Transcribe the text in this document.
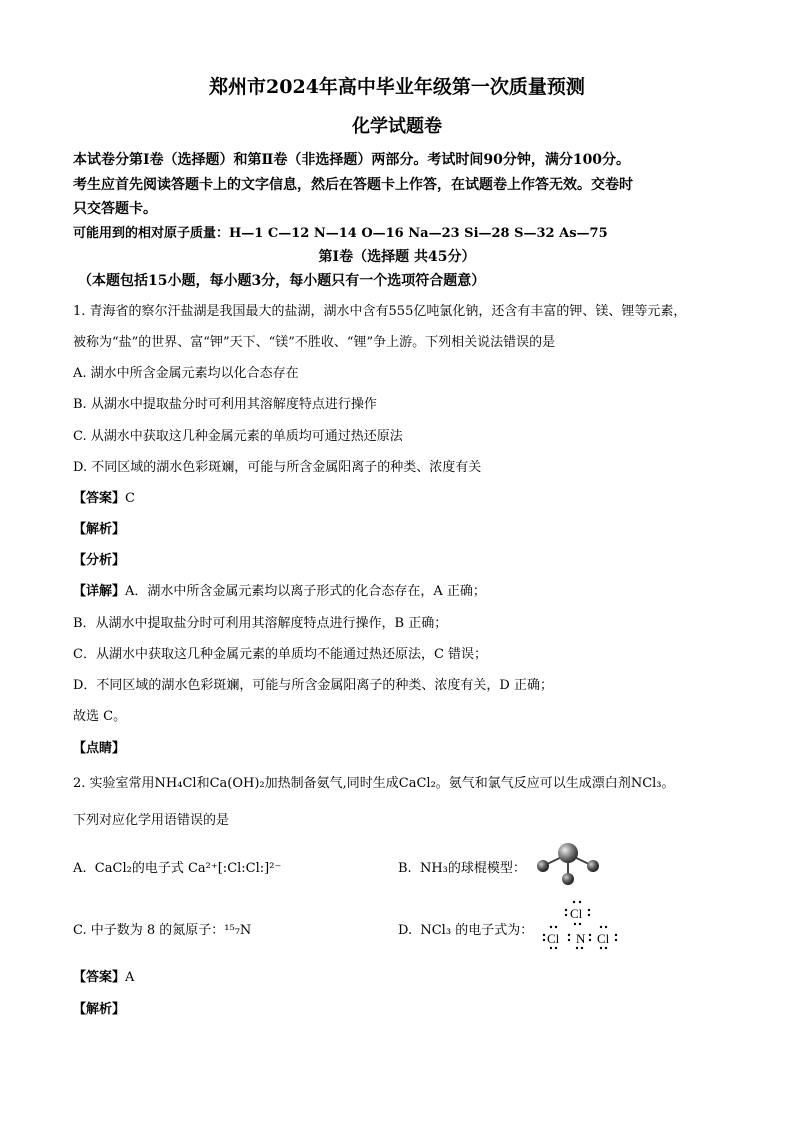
郑州市2024年高中毕业年级第一次质量预测
化学试题卷
本试卷分第Ⅰ卷（选择题）和第Ⅱ卷（非选择题）两部分。考试时间90分钟，满分100分。
考生应首先阅读答题卡上的文字信息，然后在答题卡上作答，在试题卷上作答无效。交卷时
只交答题卡。
可能用到的相对原子质量：H—1 C—12 N—14 O—16 Na—23 Si—28 S—32 As—75
第Ⅰ卷（选择题 共45分）
（本题包括15小题，每小题3分，每小题只有一个选项符合题意）
1. 青海省的察尔汗盐湖是我国最大的盐湖，湖水中含有555亿吨氯化钠，还含有丰富的钾、镁、锂等元素，
被称为“盐”的世界、富“钾”天下、“镁”不胜收、“锂”争上游。下列相关说法错误的是
A. 湖水中所含金属元素均以化合态存在
B. 从湖水中提取盐分时可利用其溶解度特点进行操作
C. 从湖水中获取这几种金属元素的单质均可通过热还原法
D. 不同区域的湖水色彩斑斓，可能与所含金属阳离子的种类、浓度有关
【答案】C
【解析】
【分析】
【详解】A．湖水中所含金属元素均以离子形式的化合态存在，A 正确；
B．从湖水中提取盐分时可利用其溶解度特点进行操作，B 正确；
C．从湖水中获取这几种金属元素的单质均不能通过热还原法，C 错误；
D．不同区域的湖水色彩斑斓，可能与所含金属阳离子的种类、浓度有关，D 正确；
故选 C。
【点睛】
2. 实验室常用NH₄Cl和Ca(OH)₂加热制备氨气,同时生成CaCl₂。氨气和氯气反应可以生成漂白剂NCl₃。
下列对应化学用语错误的是
A. CaCl₂的电子式 Ca²⁺[:Cl:Cl:]²⁻	B. NH₃的球棍模型：
C. 中子数为 8 的氮原子：¹⁵₇N	D. NCl₃ 的电子式为：
Cl
Cl N Cl
【答案】A
【解析】
